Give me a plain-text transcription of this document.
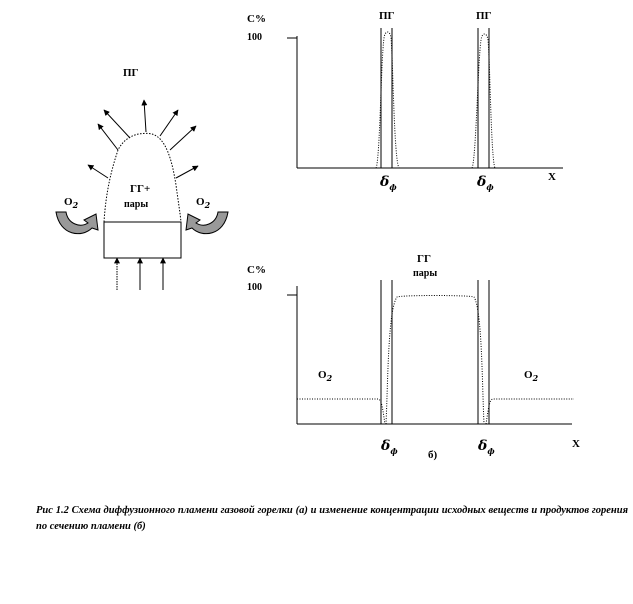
ПГ
ГГ+
пары
$O_2$	$O_2$
C%
100
ПГ	ПГ
$\delta_ф$	$\delta_ф$
X
ГГ
пары
C%
100
$O_2$	$O_2$
$\delta_ф$	б)
$\delta_ф$
X

Рис 1.2 Схема диффузионного пламени газовой горелки (а) и изменение концентрации исходных веществ и продуктов горения по сечению пламени (б)
